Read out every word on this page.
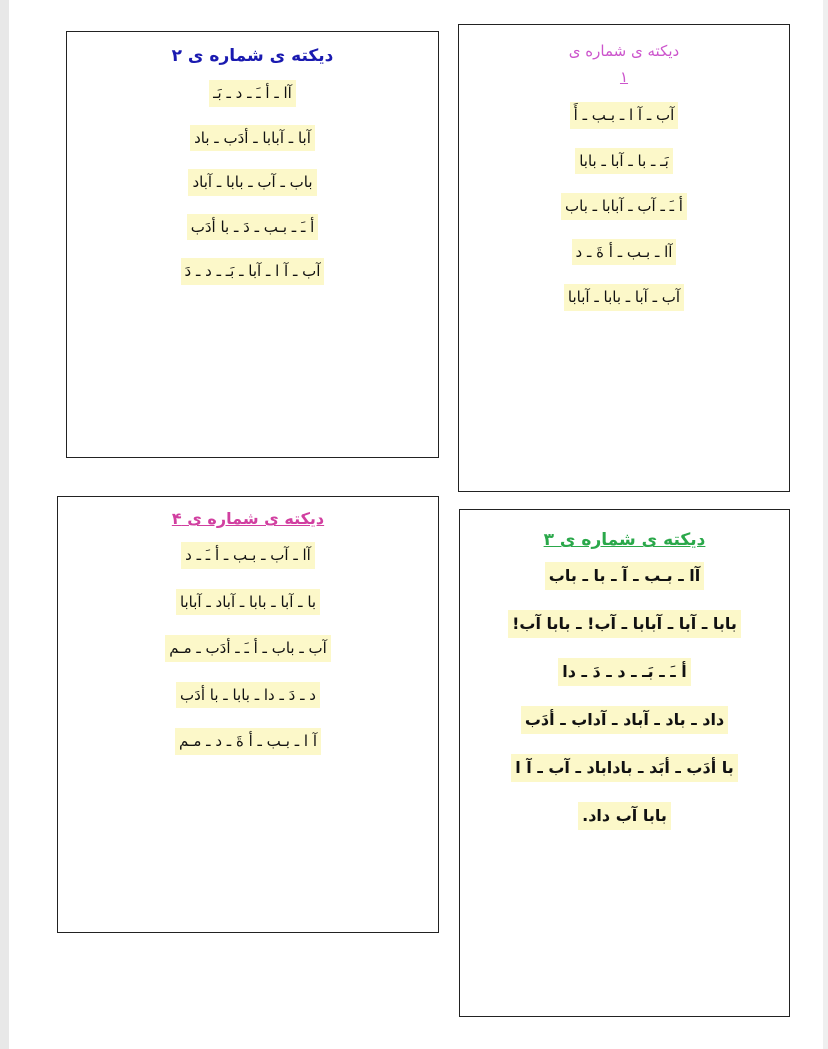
دیکته ی شماره ی ۲
آا ـ أ ـَ ـ د ـ بَـ
آبا ـ آبابا ـ أدَب ـ باد
باب ـ آب ـ بابا ـ آباد
أ ـَ ـ بـب ـ دَ ـ با أدَب
آب ـ آ ا ـ آبا ـ بَـ ـ د ـ دَ
دیکته ی شماره ی
۱
آب ـ آ ا ـ بـب ـ أَ
بَـ ـ با ـ آبا ـ بابا
أ ـَ ـ آب ـ آبابا ـ باب
آا ـ بـب ـ أ ةَ ـ د
آب ـ آبا ـ بابا ـ آبابا
دیکته ی شماره ی ۴
آا ـ آب ـ بـب ـ أ ـَ ـ د
با ـ آبا ـ بابا ـ آباد ـ آبابا
آب ـ باب ـ أ ـَ ـ أدَب ـ مـم
د ـ دَ ـ دا ـ بابا ـ با أدَب
آ ا ـ بـب ـ أ ةَ ـ د ـ مـم
دیکته ی شماره ی ۳
آا ـ بـب ـ آ ـ با ـ باب
بابا ـ آبا ـ آبابا ـ آب! ـ بابا آب!
أ ـَ ـ بَـ ـ د ـ دَ ـ دا
داد ـ باد ـ آباد ـ آداب ـ أدَب
با أدَب ـ أبَد ـ باداباد ـ آب ـ آ ا
بابا آب داد.
